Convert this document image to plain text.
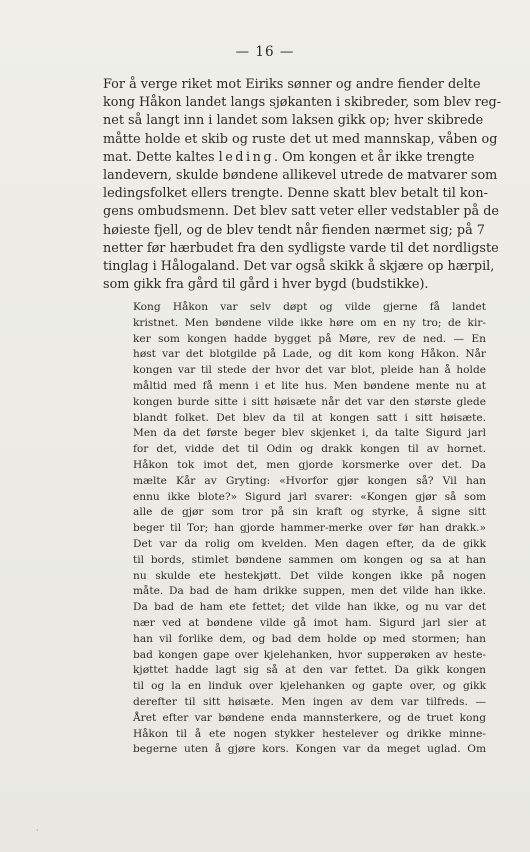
— 16 —
For å verge riket mot Eiriks sønner og andre fiender delte
kong Håkon landet langs sjøkanten i skibreder, som blev reg-
net så langt inn i landet som laksen gikk op; hver skibrede
måtte holde et skib og ruste det ut med mannskap, våben og
mat. Dette kaltes leding. Om kongen et år ikke trengte
landevern, skulde bøndene allikevel utrede de matvarer som
ledingsfolket ellers trengte. Denne skatt blev betalt til kon-
gens ombudsmenn. Det blev satt veter eller vedstabler på de
høieste fjell, og de blev tendt når fienden nærmet sig; på 7
netter før hærbudet fra den sydligste varde til det nordligste
tinglag i Hålogaland. Det var også skikk å skjære op hærpil,
som gikk fra gård til gård i hver bygd (budstikke).
Kong Håkon var selv døpt og vilde gjerne få landet
kristnet. Men bøndene vilde ikke høre om en ny tro; de kir-
ker som kongen hadde bygget på Møre, rev de ned. — En
høst var det blotgilde på Lade, og dit kom kong Håkon. Når
kongen var til stede der hvor det var blot, pleide han å holde
måltid med få menn i et lite hus. Men bøndene mente nu at
kongen burde sitte i sitt høisæte når det var den største glede
blandt folket. Det blev da til at kongen satt i sitt høisæte.
Men da det første beger blev skjenket i, da talte Sigurd jarl
for det, vidde det til Odin og drakk kongen til av hornet.
Håkon tok imot det, men gjorde korsmerke over det. Da
mælte Kår av Gryting: «Hvorfor gjør kongen så? Vil han
ennu ikke blote?» Sigurd jarl svarer: «Kongen gjør så som
alle de gjør som tror på sin kraft og styrke, å signe sitt
beger til Tor; han gjorde hammer-merke over før han drakk.»
Det var da rolig om kvelden. Men dagen efter, da de gikk
til bords, stimlet bøndene sammen om kongen og sa at han
nu skulde ete hestekjøtt. Det vilde kongen ikke på nogen
måte. Da bad de ham drikke suppen, men det vilde han ikke.
Da bad de ham ete fettet; det vilde han ikke, og nu var det
nær ved at bøndene vilde gå imot ham. Sigurd jarl sier at
han vil forlike dem, og bad dem holde op med stormen; han
bad kongen gape over kjelehanken, hvor supperøken av heste-
kjøttet hadde lagt sig så at den var fettet. Da gikk kongen
til og la en linduk over kjelehanken og gapte over, og gikk
derefter til sitt høisæte. Men ingen av dem var tilfreds. —
Året efter var bøndene enda mannsterkere, og de truet kong
Håkon til å ete nogen stykker hestelever og drikke minne-
begerne uten å gjøre kors. Kongen var da meget uglad. Om
·
